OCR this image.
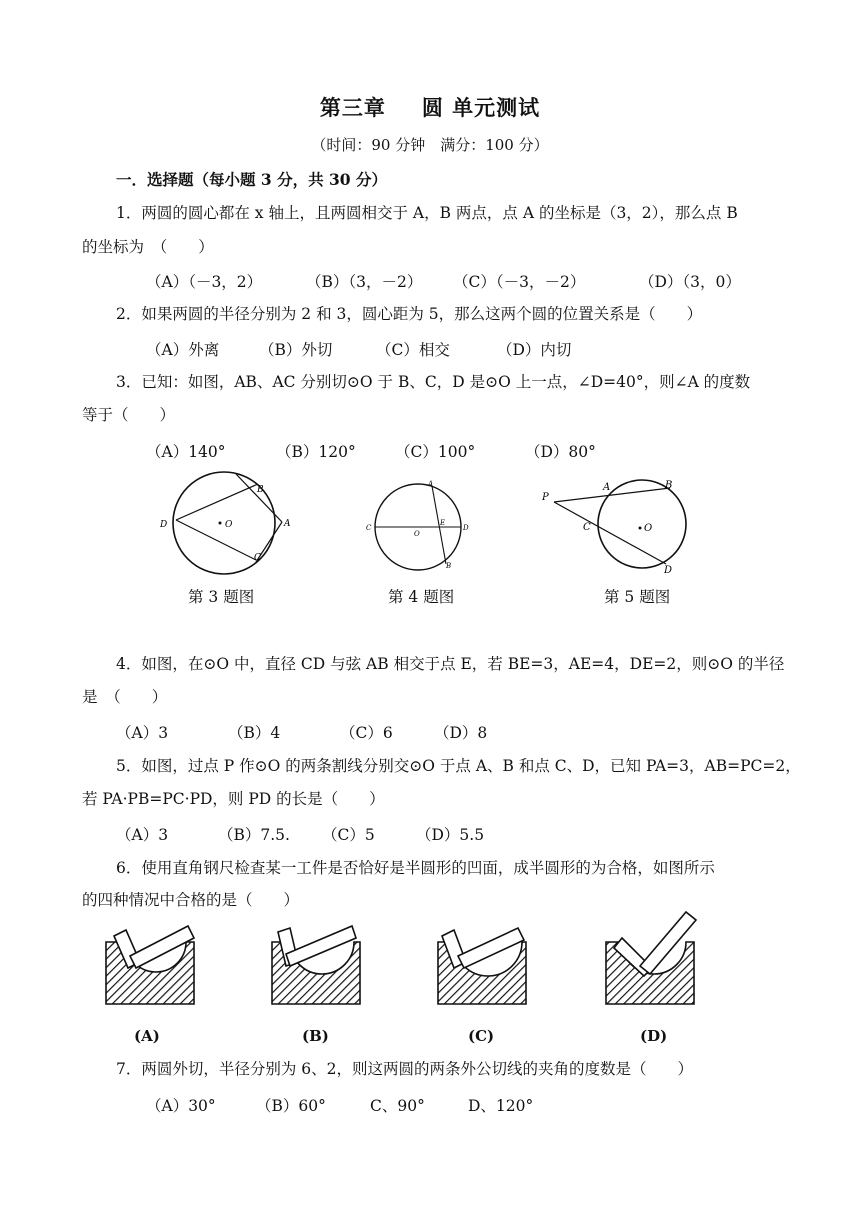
第三章 圆 单元测试
（时间：90 分钟　满分：100 分）
一．选择题（每小题 3 分，共 30 分）
1．两圆的圆心都在 x 轴上，且两圆相交于 A，B 两点，点 A 的坐标是（3，2），那么点 B
的坐标为　（　　）
（A）（－3，2）	（B）（3，－2） （C）（－3，－2）	（D）（3，0）
2．如果两圆的半径分别为 2 和 3，圆心距为 5，那么这两个圆的位置关系是（　　）
（A）外离	（B）外切	（C）相交	（D）内切
3．已知：如图，AB、AC 分别切⊙O 于 B、C，D 是⊙O 上一点，∠D=40°，则∠A 的度数
等于（　　）
（A）140°	（B）120°	（C）100°	（D）80°
B
D	O	A
C
A
C
O
E
D
B
P
A	B
C	O
D
第 3 题图	第 4 题图	第 5 题图
4．如图，在⊙O 中，直径 CD 与弦 AB 相交于点 E，若 BE=3，AE=4，DE=2，则⊙O 的半径
是　（　　）
（A）3	（B）4	（C）6	（D）8
5．如图，过点 P 作⊙O 的两条割线分别交⊙O 于点 A、B 和点 C、D，已知 PA=3，AB=PC=2，
若 PA·PB=PC·PD，则 PD 的长是（　　）
（A）3	（B）7.5. （C）5	（D）5.5
6．使用直角钢尺检查某一工件是否恰好是半圆形的凹面，成半圆形的为合格，如图所示
的四种情况中合格的是（　　）
(A)	(B)	(C)	(D)
7．两圆外切，半径分别为 6、2，则这两圆的两条外公切线的夹角的度数是（　　）
（A）30°	（B）60°	C、90°	D、120°
